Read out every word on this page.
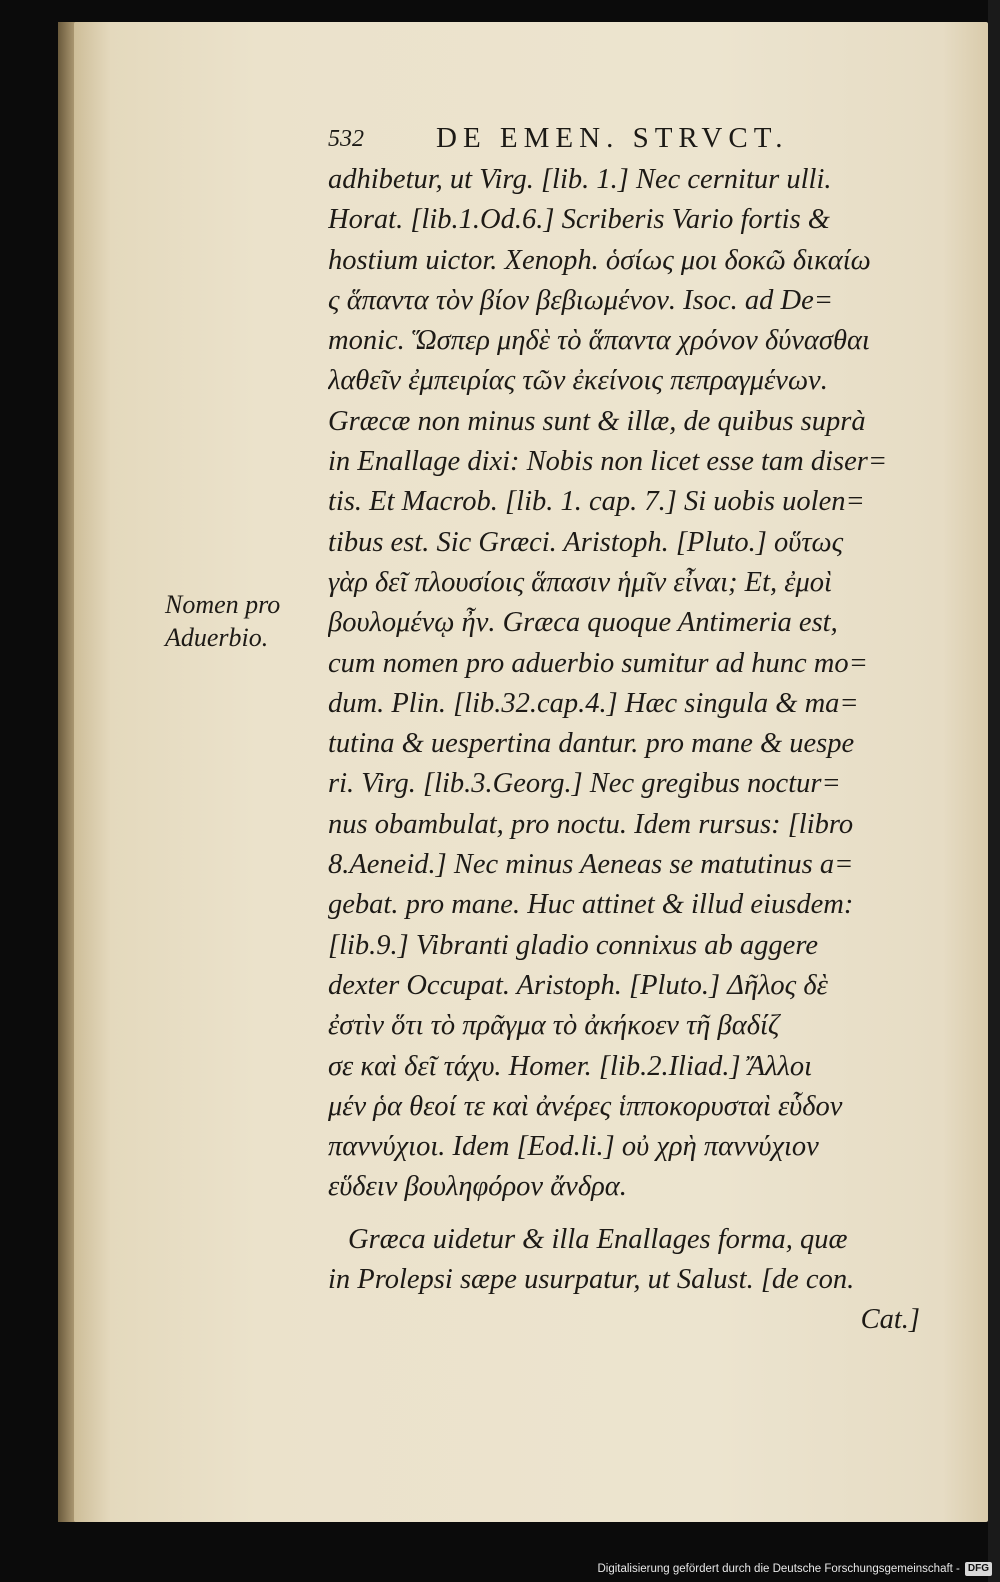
532 DE EMEN. STRVCT.
Nomen pro
Aduerbio.
adhibetur, ut Virg. [lib. 1.] Nec cernitur ulli.
Horat. [lib.1.Od.6.] Scriberis Vario fortis &
hostium uictor. Xenoph. ὁσίως μοι δοκῶ δικαίω
ς ἅπαντα τὸν βίον βεβιωμένον. Isoc. ad De=
monic. Ὥσπερ μηδὲ τὸ ἅπαντα χρόνον δύνασθαι
λαθεῖν ἐμπειρίας τῶν ἐκείνοις πεπραγμένων.
Græcæ non minus sunt & illæ, de quibus suprà
in Enallage dixi: Nobis non licet esse tam diser=
tis. Et Macrob. [lib. 1. cap. 7.] Si uobis uolen=
tibus est. Sic Græci. Aristoph. [Pluto.] οὕτως
γὰρ δεῖ πλουσίοις ἅπασιν ἡμῖν εἶναι; Et, ἐμοὶ
βουλομένῳ ἦν. Græca quoque Antimeria est,
cum nomen pro aduerbio sumitur ad hunc mo=
dum. Plin. [lib.32.cap.4.] Hæc singula & ma=
tutina & uespertina dantur. pro mane & uespe
ri. Virg. [lib.3.Georg.] Nec gregibus noctur=
nus obambulat, pro noctu. Idem rursus: [libro
8.Aeneid.] Nec minus Aeneas se matutinus a=
gebat. pro mane. Huc attinet & illud eiusdem:
[lib.9.] Vibranti gladio connixus ab aggere
dexter Occupat. Aristoph. [Pluto.] Δῆλος δὲ
ἐστὶν ὅτι τὸ πρᾶγμα τὸ ἀκήκοεν τῆ βαδίζ
σε καὶ δεῖ τάχυ. Homer. [lib.2.Iliad.] Ἄλλοι
μέν ῥα θεοί τε καὶ ἀνέρες ἱπποκορυσταὶ εὗδον
παννύχιοι. Idem [Eod.li.] οὐ χρὴ παννύχιον
εὕδειν βουληφόρον ἄνδρα.
Græca uidetur & illa Enallages forma, quæ
in Prolepsi sæpe usurpatur, ut Salust. [de con.
Cat.]
Digitalisierung gefördert durch die Deutsche Forschungsgemeinschaft - DFG
